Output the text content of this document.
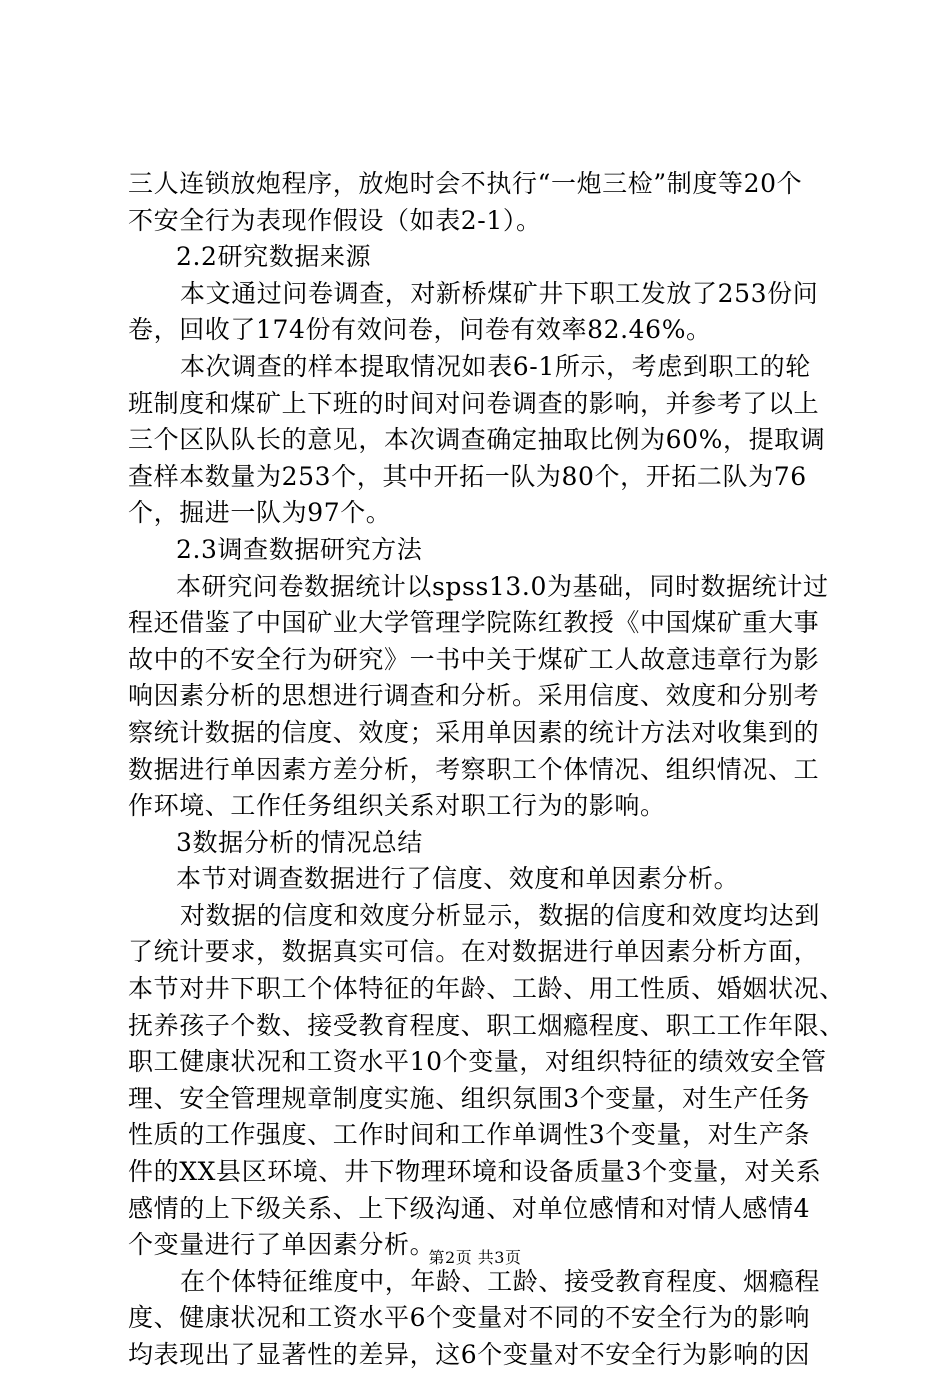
三人连锁放炮程序，放炮时会不执行“一炮三检”制度等20个
不安全行为表现作假设（如表2-1）。
2.2研究数据来源
本文通过问卷调查，对新桥煤矿井下职工发放了253份问
卷，回收了174份有效问卷，问卷有效率82.46%。
本次调查的样本提取情况如表6-1所示，考虑到职工的轮
班制度和煤矿上下班的时间对问卷调查的影响，并参考了以上
三个区队队长的意见，本次调查确定抽取比例为60%，提取调
查样本数量为253个，其中开拓一队为80个，开拓二队为76
个，掘进一队为97个。
2.3调查数据研究方法
本研究问卷数据统计以spss13.0为基础，同时数据统计过
程还借鉴了中国矿业大学管理学院陈红教授《中国煤矿重大事
故中的不安全行为研究》一书中关于煤矿工人故意违章行为影
响因素分析的思想进行调查和分析。采用信度、效度和分别考
察统计数据的信度、效度；采用单因素的统计方法对收集到的
数据进行单因素方差分析，考察职工个体情况、组织情况、工
作环境、工作任务组织关系对职工行为的影响。
3数据分析的情况总结
本节对调查数据进行了信度、效度和单因素分析。
对数据的信度和效度分析显示，数据的信度和效度均达到
了统计要求，数据真实可信。在对数据进行单因素分析方面，
本节对井下职工个体特征的年龄、工龄、用工性质、婚姻状况、
抚养孩子个数、接受教育程度、职工烟瘾程度、职工工作年限、
职工健康状况和工资水平10个变量，对组织特征的绩效安全管
理、安全管理规章制度实施、组织氛围3个变量，对生产任务
性质的工作强度、工作时间和工作单调性3个变量，对生产条
件的XX县区环境、井下物理环境和设备质量3个变量，对关系
感情的上下级关系、上下级沟通、对单位感情和对情人感情4
个变量进行了单因素分析。
在个体特征维度中，年龄、工龄、接受教育程度、烟瘾程
度、健康状况和工资水平6个变量对不同的不安全行为的影响
均表现出了显著性的差异，这6个变量对不安全行为影响的因
第2页 共3页
